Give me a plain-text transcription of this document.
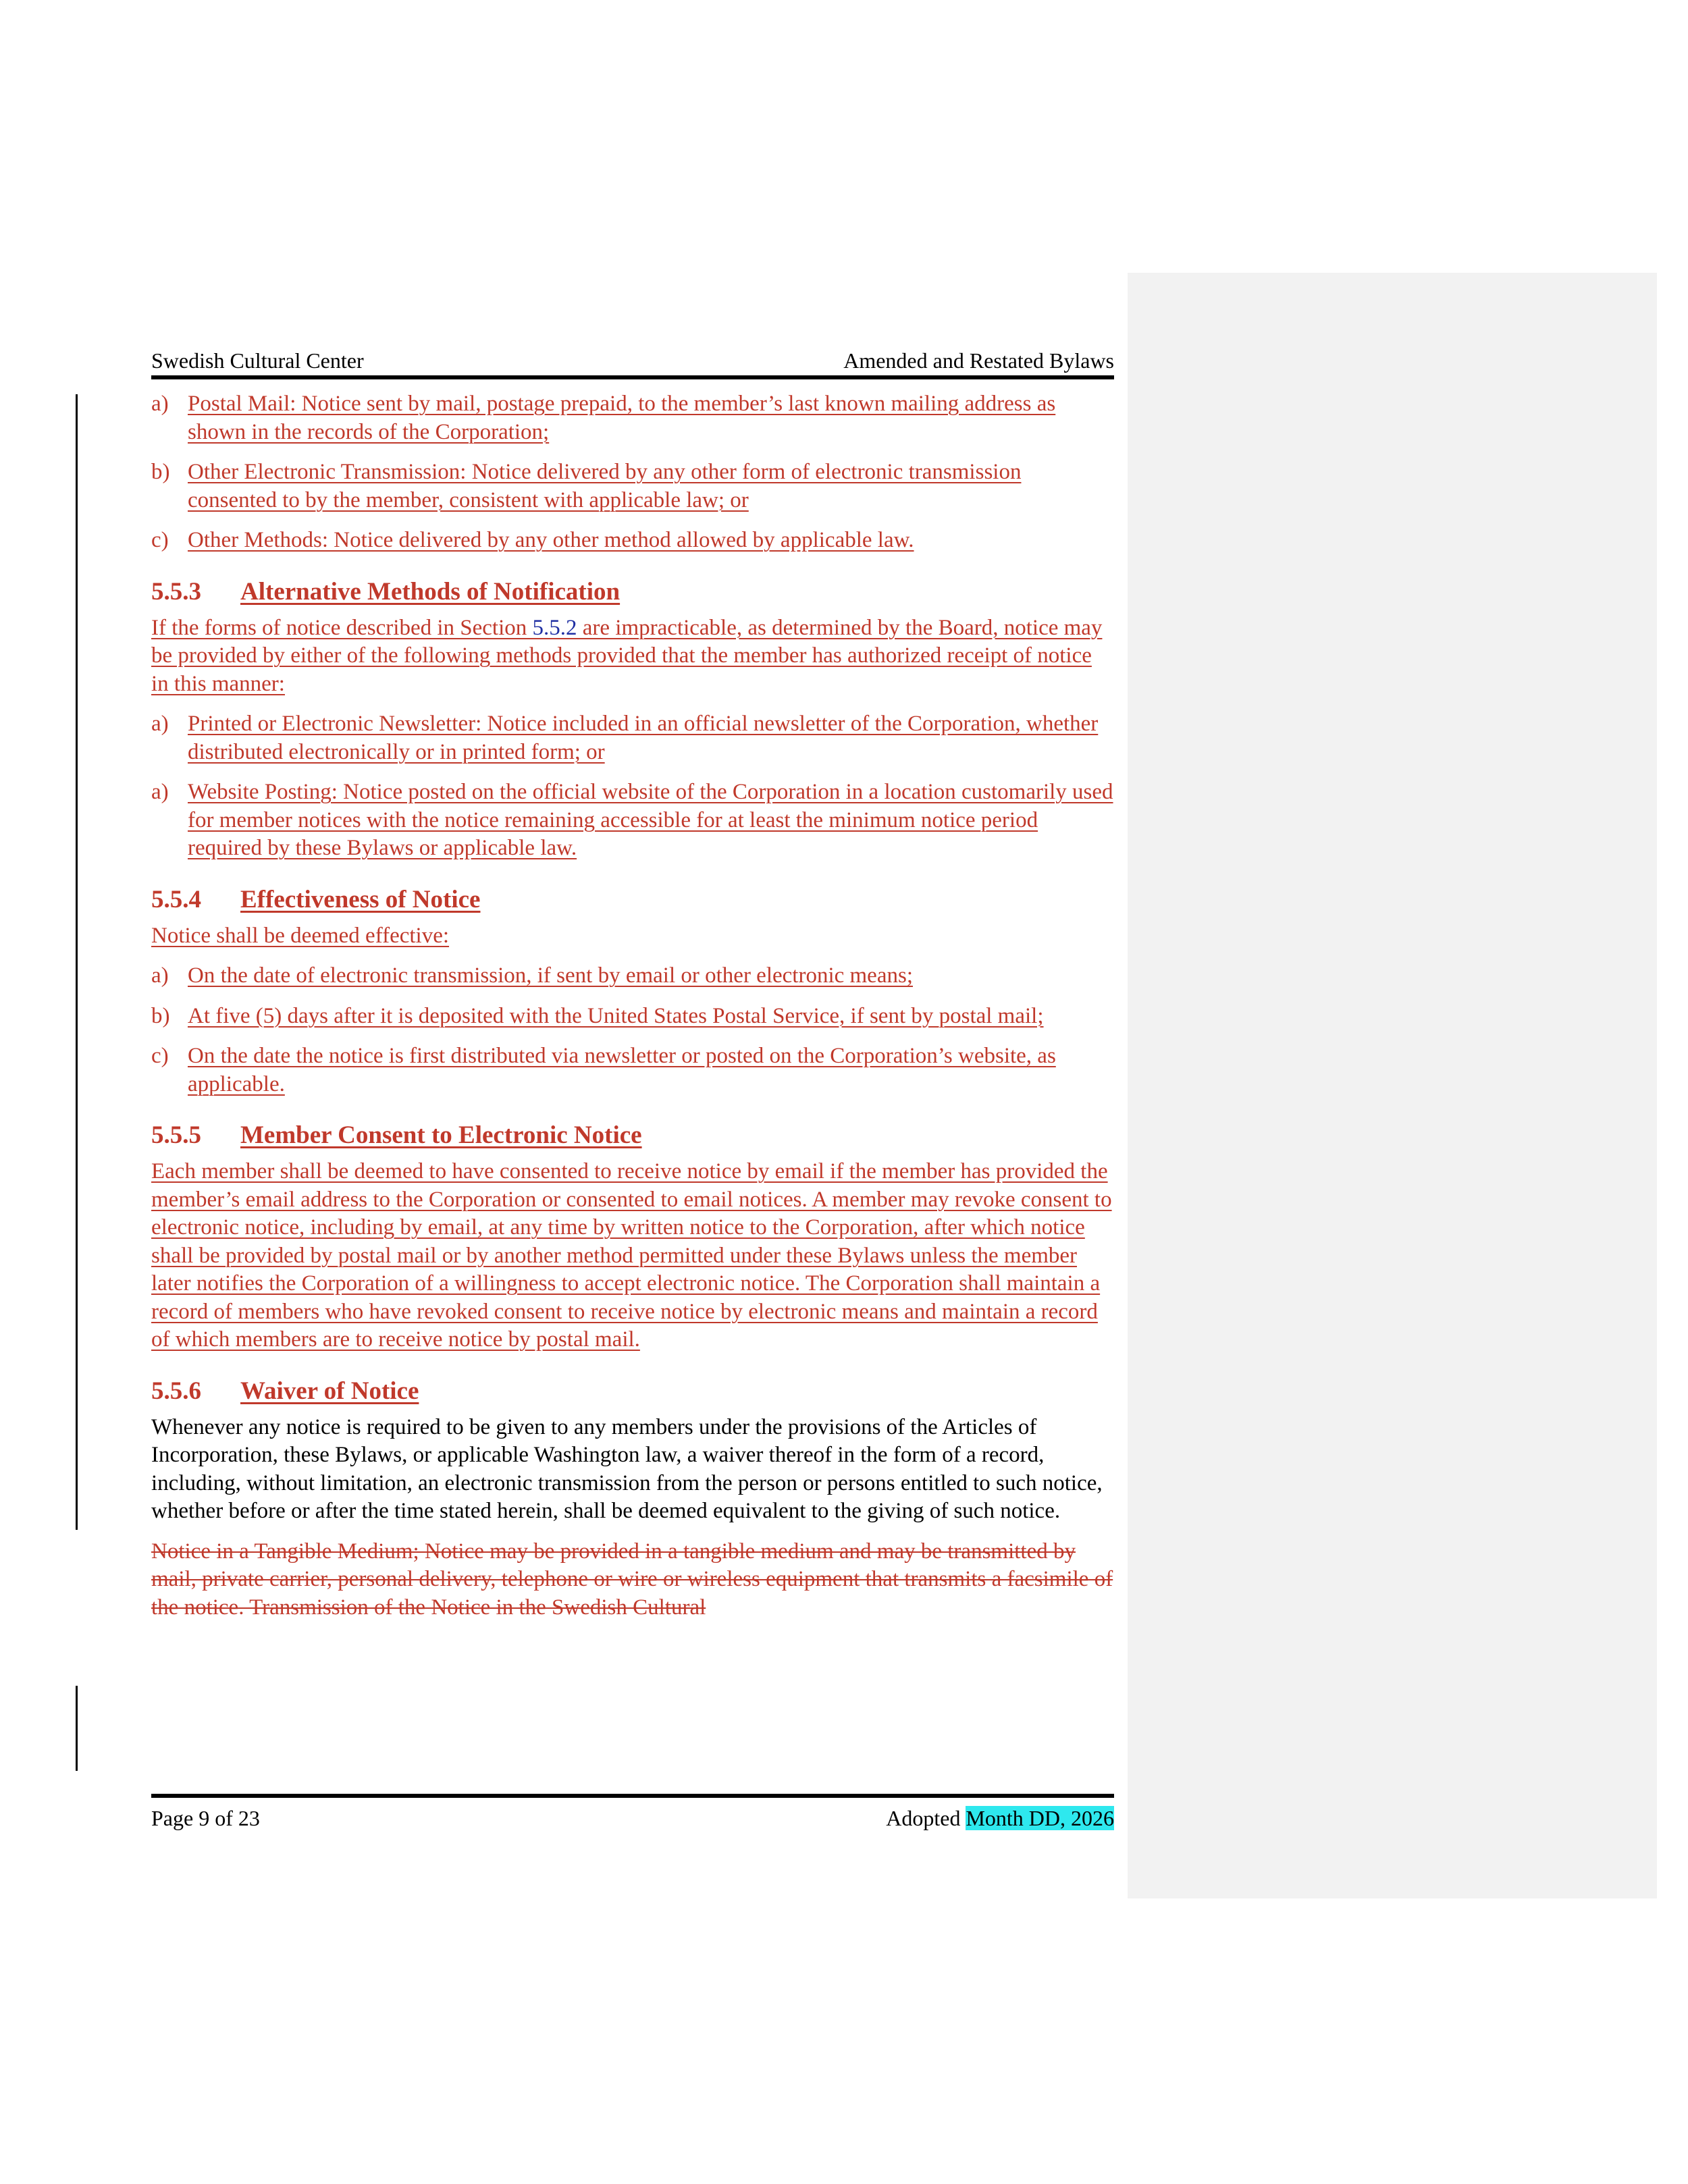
Swedish Cultural Center	Amended and Restated Bylaws
a) Postal Mail: Notice sent by mail, postage prepaid, to the member’s last known mailing address as shown in the records of the Corporation;
b) Other Electronic Transmission: Notice delivered by any other form of electronic transmission consented to by the member, consistent with applicable law; or
c) Other Methods: Notice delivered by any other method allowed by applicable law.
5.5.3 Alternative Methods of Notification

If the forms of notice described in Section 5.5.2 are impracticable, as determined by the Board, notice may be provided by either of the following methods provided that the member has authorized receipt of notice in this manner:

a) Printed or Electronic Newsletter: Notice included in an official newsletter of the Corporation, whether distributed electronically or in printed form; or
a) Website Posting: Notice posted on the official website of the Corporation in a location customarily used for member notices with the notice remaining accessible for at least the minimum notice period required by these Bylaws or applicable law.
5.5.4 Effectiveness of Notice

Notice shall be deemed effective:

a) On the date of electronic transmission, if sent by email or other electronic means;
b) At five (5) days after it is deposited with the United States Postal Service, if sent by postal mail;
c) On the date the notice is first distributed via newsletter or posted on the Corporation’s website, as applicable.
5.5.5 Member Consent to Electronic Notice

Each member shall be deemed to have consented to receive notice by email if the member has provided the member’s email address to the Corporation or consented to email notices. A member may revoke consent to electronic notice, including by email, at any time by written notice to the Corporation, after which notice shall be provided by postal mail or by another method permitted under these Bylaws unless the member later notifies the Corporation of a willingness to accept electronic notice. The Corporation shall maintain a record of members who have revoked consent to receive notice by electronic means and maintain a record of which members are to receive notice by postal mail.

5.5.6 Waiver of Notice

Whenever any notice is required to be given to any members under the provisions of the Articles of Incorporation, these Bylaws, or applicable Washington law, a waiver thereof in the form of a record, including, without limitation, an electronic transmission from the person or persons entitled to such notice, whether before or after the time stated herein, shall be deemed equivalent to the giving of such notice.

Notice in a Tangible Medium; Notice may be provided in a tangible medium and may be transmitted by mail, private carrier, personal delivery, telephone or wire or wireless equipment that transmits a facsimile of the notice. Transmission of the Notice in the Swedish Cultural

Page 9 of 23	Adopted Month DD, 2026
